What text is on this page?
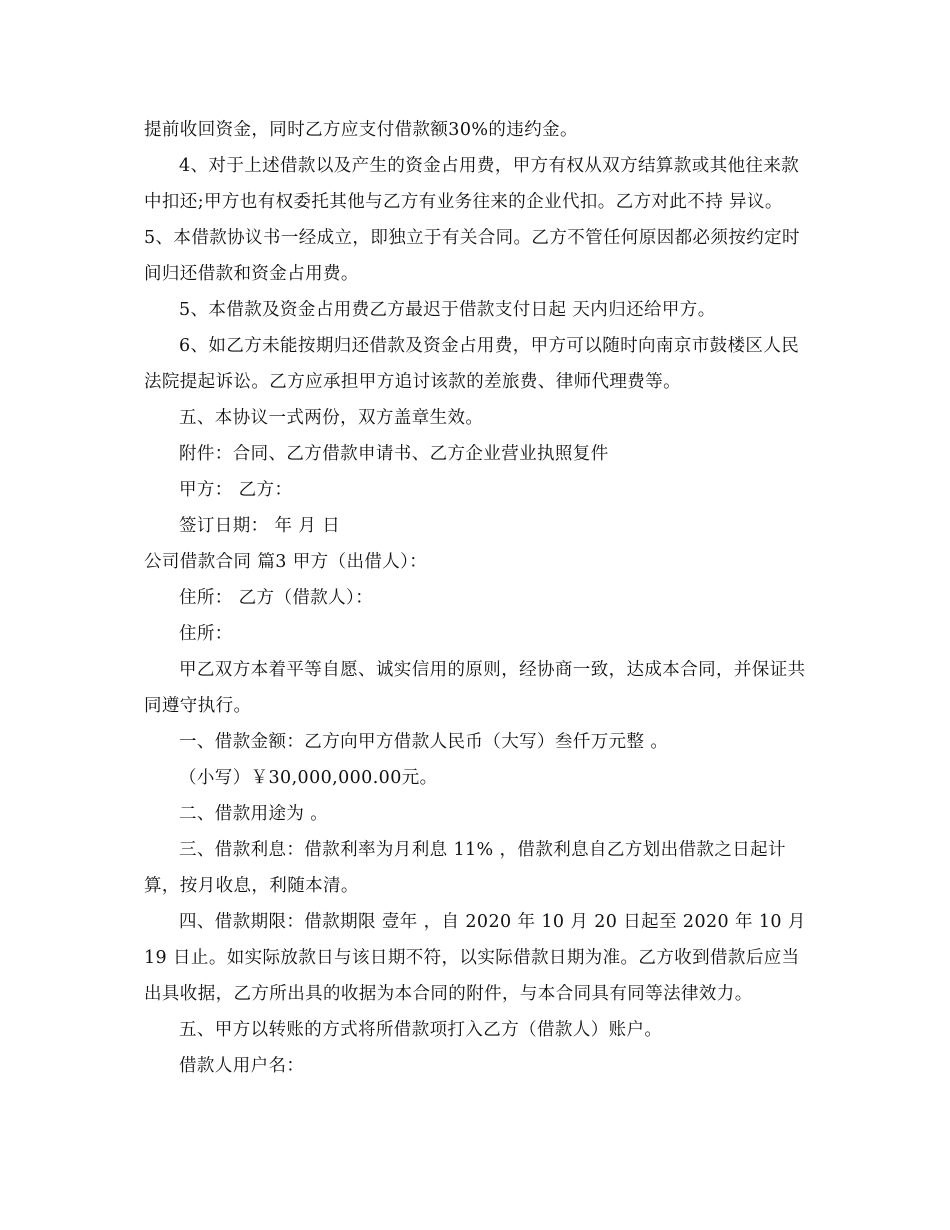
提前收回资金，同时乙方应支付借款额30%的违约金。

4、对于上述借款以及产生的资金占用费，甲方有权从双方结算款或其他往来款中扣还;甲方也有权委托其他与乙方有业务往来的企业代扣。乙方对此不持 异议。5、本借款协议书一经成立，即独立于有关合同。乙方不管任何原因都必须按约定时间归还借款和资金占用费。

5、本借款及资金占用费乙方最迟于借款支付日起 天内归还给甲方。

6、如乙方未能按期归还借款及资金占用费，甲方可以随时向南京市鼓楼区人民法院提起诉讼。乙方应承担甲方追讨该款的差旅费、律师代理费等。

五、本协议一式两份，双方盖章生效。

附件：合同、乙方借款申请书、乙方企业营业执照复件

甲方： 乙方：

签订日期： 年 月 日

公司借款合同 篇3 甲方（出借人）：

住所： 乙方（借款人）：

住所：

甲乙双方本着平等自愿、诚实信用的原则，经协商一致，达成本合同，并保证共同遵守执行。

一、借款金额：乙方向甲方借款人民币（大写）叁仟万元整 。

（小写）￥30,000,000.00元。

二、借款用途为 。

三、借款利息：借款利率为月利息 11% ，借款利息自乙方划出借款之日起计算，按月收息，利随本清。

四、借款期限：借款期限 壹年 ，自 2020 年 10 月 20 日起至 2020 年 10 月 19 日止。如实际放款日与该日期不符，以实际借款日期为准。乙方收到借款后应当出具收据，乙方所出具的收据为本合同的附件，与本合同具有同等法律效力。

五、甲方以转账的方式将所借款项打入乙方（借款人）账户。

借款人用户名：
